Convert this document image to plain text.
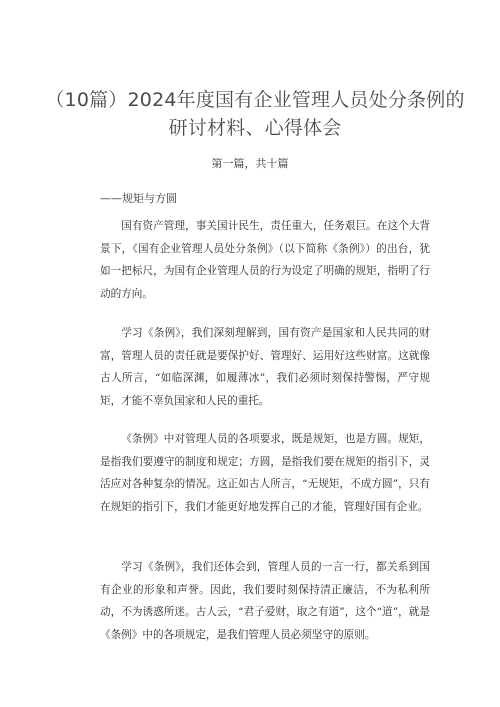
（10篇）2024年度国有企业管理人员处分条例的研讨材料、心得体会
第一篇，共十篇
——规矩与方圆
国有资产管理，事关国计民生，责任重大，任务艰巨。在这个大背景下，《国有企业管理人员处分条例》（以下简称《条例》）的出台，犹如一把标尺，为国有企业管理人员的行为设定了明确的规矩，指明了行动的方向。
学习《条例》，我们深刻理解到，国有资产是国家和人民共同的财富，管理人员的责任就是要保护好、管理好、运用好这些财富。这就像古人所言，“如临深渊，如履薄冰”，我们必须时刻保持警惕，严守规矩，才能不辜负国家和人民的重托。
《条例》中对管理人员的各项要求，既是规矩，也是方圆。规矩，是指我们要遵守的制度和规定；方圆，是指我们要在规矩的指引下，灵活应对各种复杂的情况。这正如古人所言，“无规矩，不成方圆”，只有在规矩的指引下，我们才能更好地发挥自己的才能，管理好国有企业。
学习《条例》，我们还体会到，管理人员的一言一行，都关系到国有企业的形象和声誉。因此，我们要时刻保持清正廉洁，不为私利所动，不为诱惑所迷。古人云，“君子爱财，取之有道”，这个“道”，就是《条例》中的各项规定，是我们管理人员必须坚守的原则。
